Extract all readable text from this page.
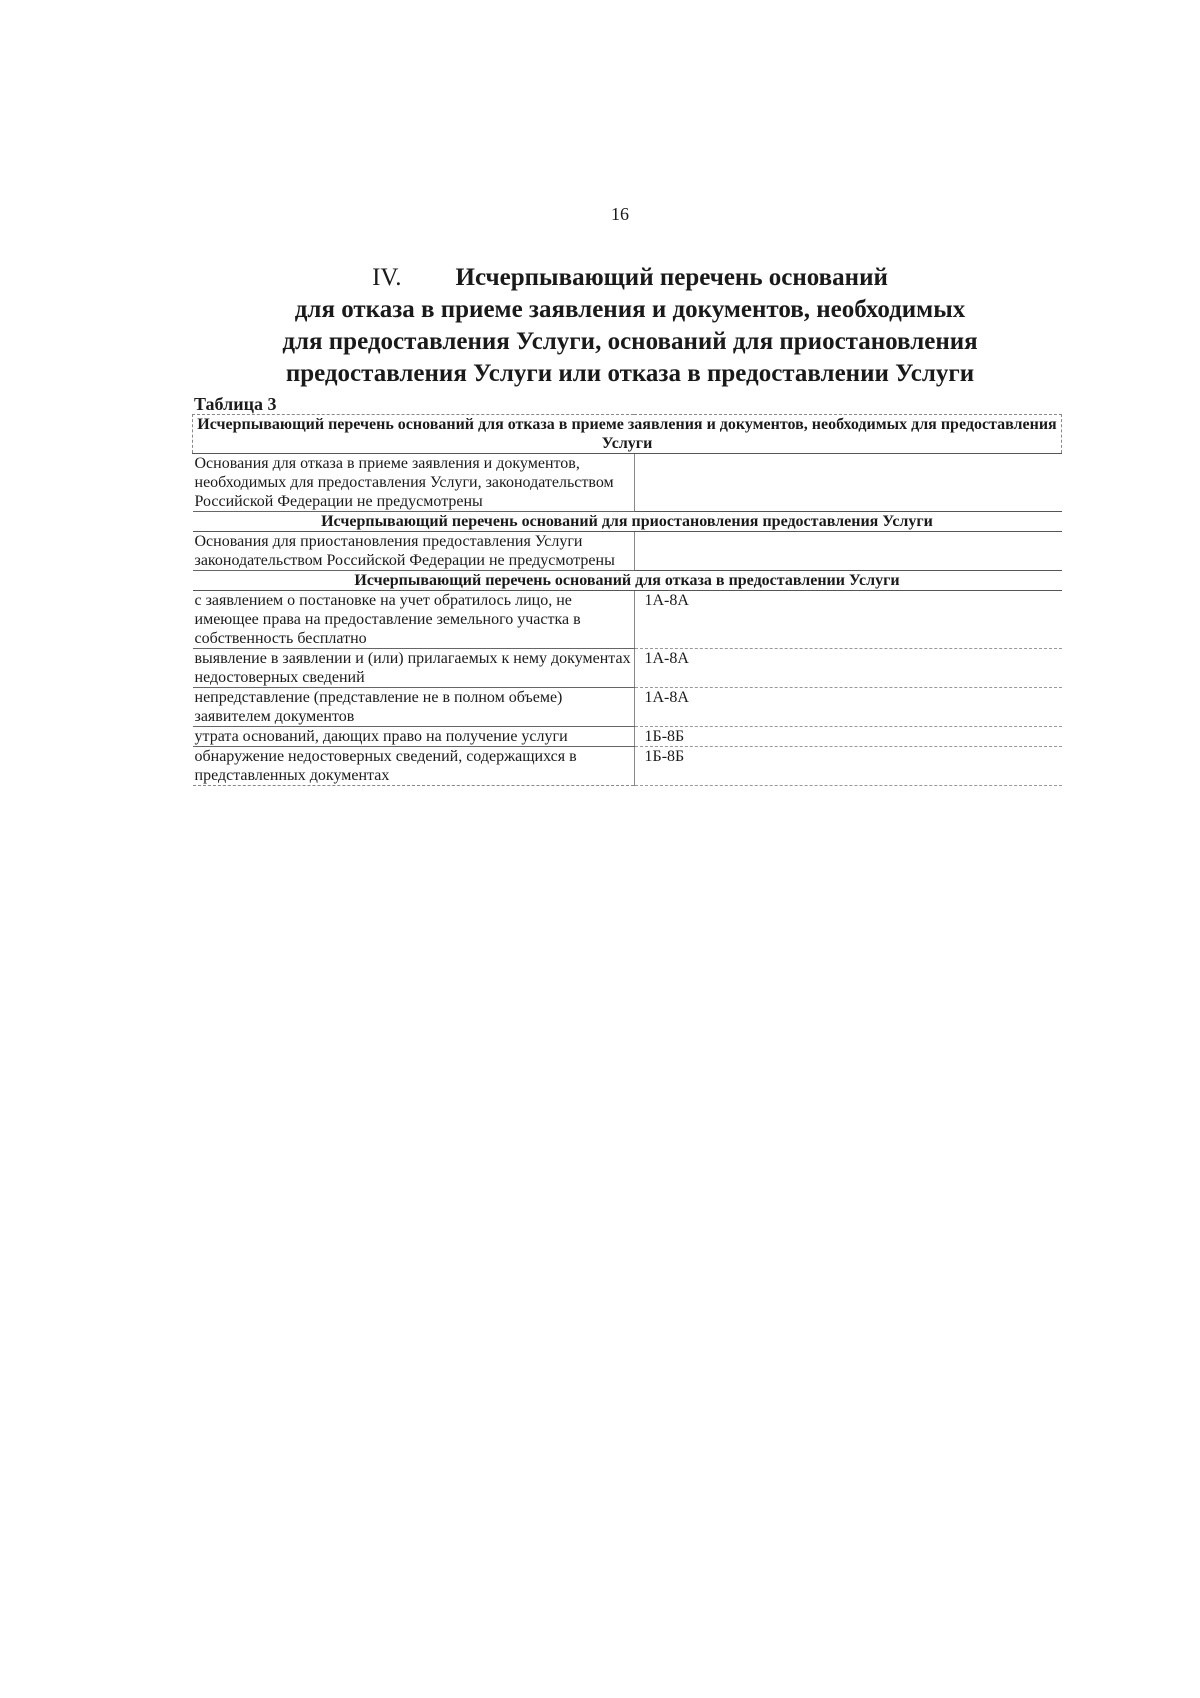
16
IV. Исчерпывающий перечень оснований
для отказа в приеме заявления и документов, необходимых
для предоставления Услуги, оснований для приостановления
предоставления Услуги или отказа в предоставлении Услуги
Таблица 3
Исчерпывающий перечень оснований для отказа в приеме заявления и документов, необходимых для предоставления Услуги	
Основания для отказа в приеме заявления и документов, необходимых для предоставления Услуги, законодательством Российской Федерации не предусмотрены	
Исчерпывающий перечень оснований для приостановления предоставления Услуги	
Основания для приостановления предоставления Услуги законодательством Российской Федерации не предусмотрены	
Исчерпывающий перечень оснований для отказа в предоставлении Услуги	
с заявлением о постановке на учет обратилось лицо, не имеющее права на предоставление земельного участка в собственность бесплатно	1А-8А
выявление в заявлении и (или) прилагаемых к нему документах недостоверных сведений	1А-8А
непредставление (представление не в полном объеме) заявителем документов	1А-8А
утрата оснований, дающих право на получение услуги	1Б-8Б
обнаружение недостоверных сведений, содержащихся в представленных документах	1Б-8Б
